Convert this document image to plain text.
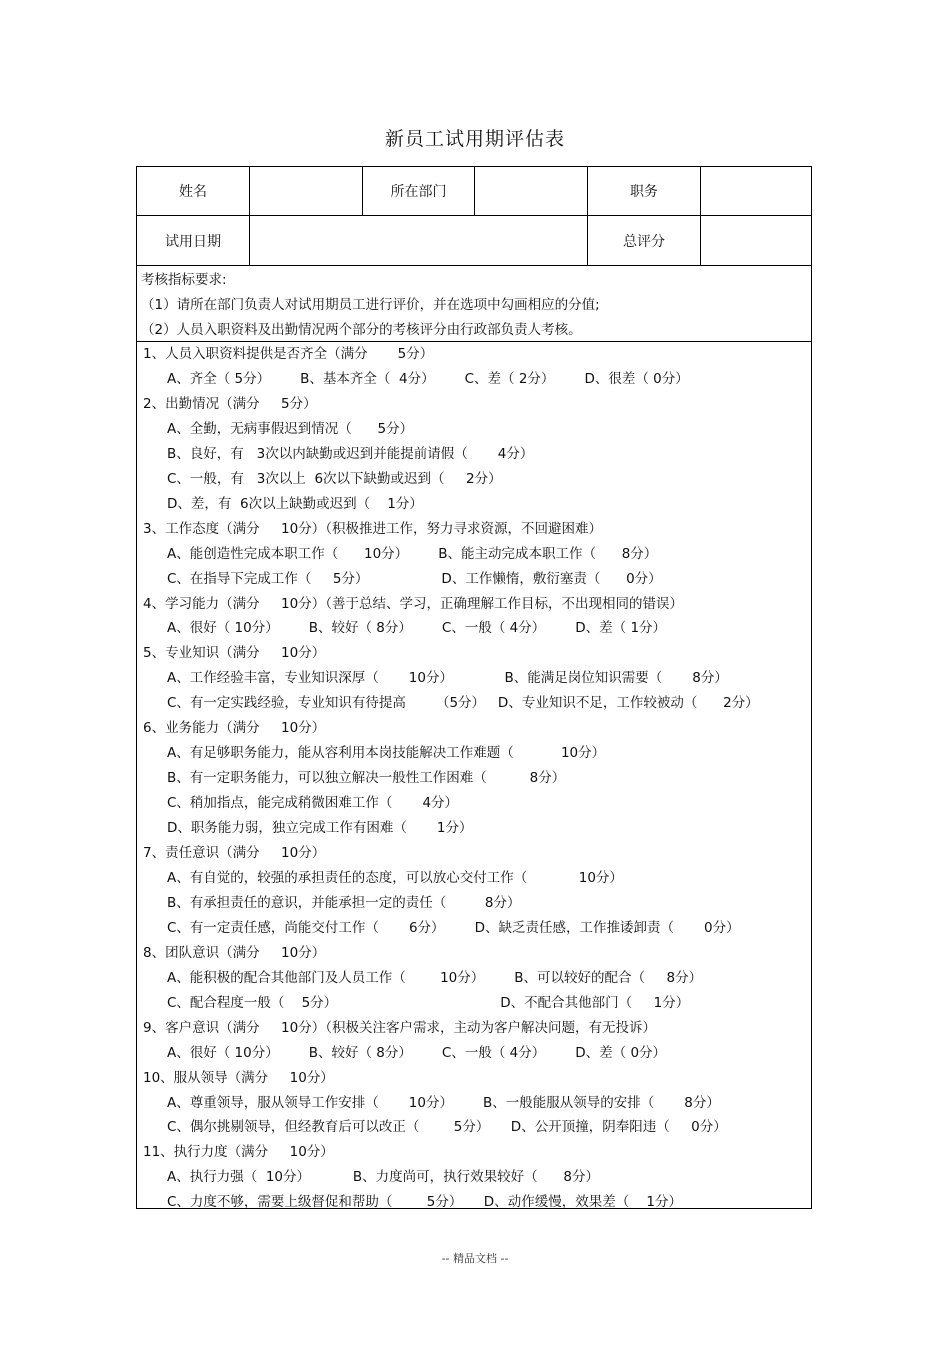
新员工试用期评估表
姓名	所在部门	职务
试用日期	总评分
考核指标要求:
（1）请所在部门负责人对试用期员工进行评价，并在选项中勾画相应的分值;
（2）人员入职资料及出勤情况两个部分的考核评分由行政部负责人考核。
1、人员入职资料提供是否齐全（满分       5分）
A、齐全（ 5分）       B、基本齐全（  4分）       C、差（ 2分）       D、很差（ 0分）
2、出勤情况（满分     5分）
A、全勤，无病事假迟到情况（      5分）
B、良好，有   3次以内缺勤或迟到并能提前请假（       4分）
C、一般，有   3次以上  6次以下缺勤或迟到（     2分）
D、差，有  6次以上缺勤或迟到（    1分）
3、工作态度（满分     10分）（积极推进工作，努力寻求资源，不回避困难）
A、能创造性完成本职工作（      10分）       B、能主动完成本职工作（      8分）
C、在指导下完成工作（     5分）                 D、工作懒惰，敷衍塞责（      0分）
4、学习能力（满分     10分）（善于总结、学习，正确理解工作目标，不出现相同的错误）
A、很好（ 10分）       B、较好（ 8分）       C、一般（ 4分）       D、差（ 1分）
5、专业知识（满分     10分）
A、工作经验丰富，专业知识深厚（       10分）            B、能满足岗位知识需要（       8分）
C、有一定实践经验，专业知识有待提高       （5分）   D、专业知识不足，工作较被动（      2分）
6、业务能力（满分     10分）
A、有足够职务能力，能从容利用本岗技能解决工作难题（           10分）
B、有一定职务能力，可以独立解决一般性工作困难（          8分）
C、稍加指点，能完成稍微困难工作（       4分）
D、职务能力弱，独立完成工作有困难（       1分）
7、责任意识（满分     10分）
A、有自觉的，较强的承担责任的态度，可以放心交付工作（            10分）
B、有承担责任的意识，并能承担一定的责任（         8分）
C、有一定责任感，尚能交付工作（       6分）       D、缺乏责任感，工作推诿卸责（       0分）
8、团队意识（满分     10分）
A、能积极的配合其他部门及人员工作（        10分）       B、可以较好的配合（     8分）
C、配合程度一般（    5分）                                      D、不配合其他部门（     1分）
9、客户意识（满分     10分）（积极关注客户需求，主动为客户解决问题，有无投诉）
A、很好（ 10分）       B、较好（ 8分）       C、一般（ 4分）       D、差（ 0分）
10、服从领导（满分     10分）
A、尊重领导，服从领导工作安排（       10分）       B、一般能服从领导的安排（       8分）
C、偶尔挑剔领导，但经教育后可以改正（        5分）     D、公开顶撞，阴奉阳违（     0分）
11、执行力度（满分     10分）
A、执行力强（  10分）          B、力度尚可，执行效果较好（      8分）
C、力度不够，需要上级督促和帮助（        5分）     D、动作缓慢，效果差（    1分）
-- 精品文档 --
